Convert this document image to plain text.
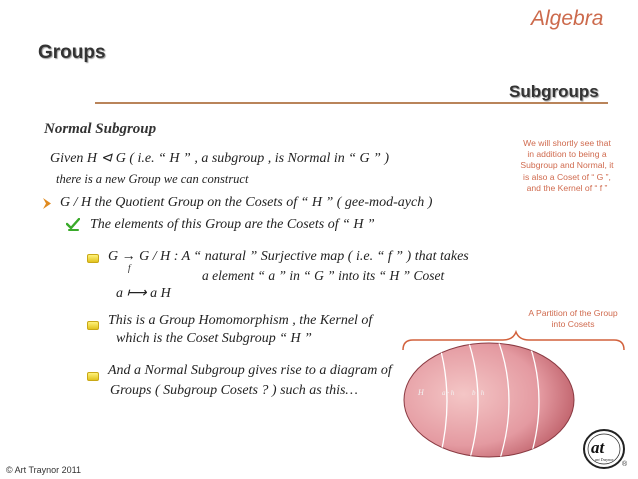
Algebra
Groups
Subgroups
Normal Subgroup
Given H ⊲ G ( i.e. “ H ” , a subgroup , is Normal in “ G ” )
there is a new Group we can construct
G / H the Quotient Group on the Cosets of “ H ” ( gee-mod-aych )
The elements of this Group are the Cosets of “ H ”
G → G / H : A “ natural ” Surjective map ( i.e. “ f ” ) that takes
f	a element “ a ” in “ G ” into its “ H ” Coset
a ⟼ a H
This is a Group Homomorphism , the Kernel of
which is the Coset Subgroup “ H ”
And a Normal Subgroup gives rise to a diagram of
Groups ( Subgroup Cosets ? ) such as this…
We will shortly see that
in addition to being a
Subgroup and Normal, it
is also a Coset of “ G ”,
and the Kernel of “ f ”
A Partition of the Group
into Cosets
H	a · h	b · h
© Art Traynor 2011
at
art Traynor
®
